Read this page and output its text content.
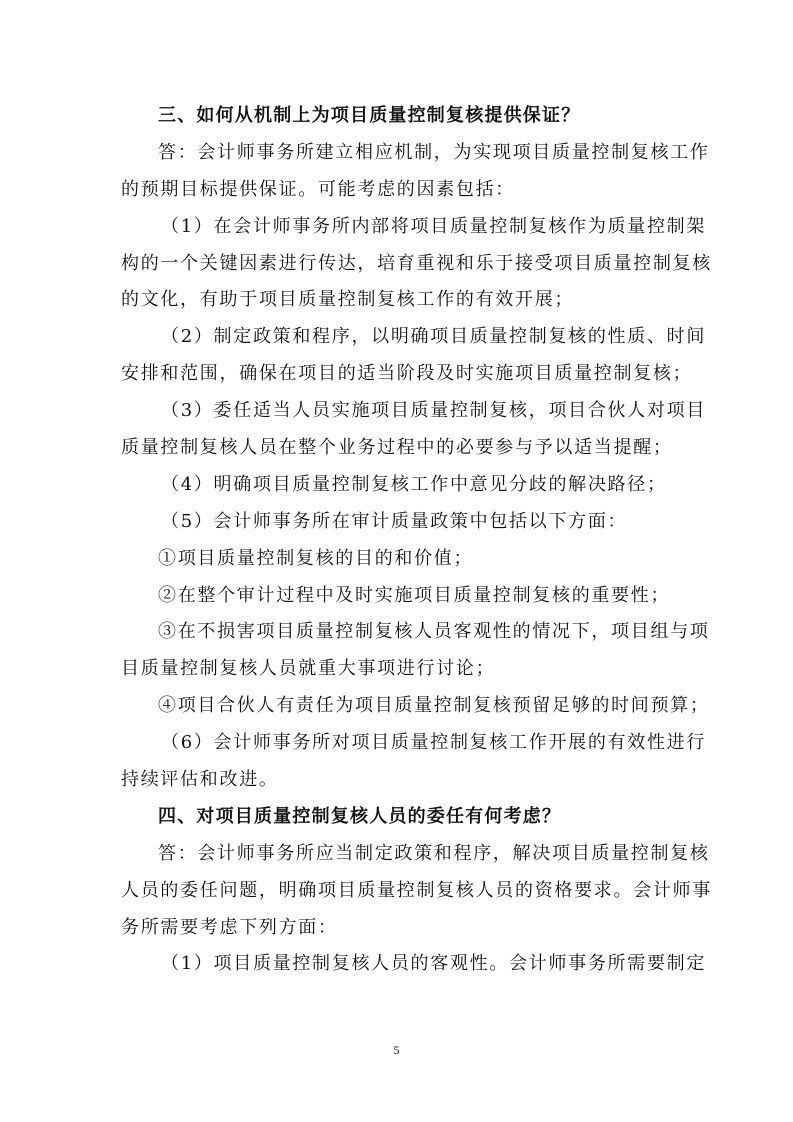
三、如何从机制上为项目质量控制复核提供保证？
答：会计师事务所建立相应机制，为实现项目质量控制复核工作
的预期目标提供保证。可能考虑的因素包括：
（1）在会计师事务所内部将项目质量控制复核作为质量控制架
构的一个关键因素进行传达，培育重视和乐于接受项目质量控制复核
的文化，有助于项目质量控制复核工作的有效开展；
（2）制定政策和程序，以明确项目质量控制复核的性质、时间
安排和范围，确保在项目的适当阶段及时实施项目质量控制复核；
（3）委任适当人员实施项目质量控制复核，项目合伙人对项目
质量控制复核人员在整个业务过程中的必要参与予以适当提醒；
（4）明确项目质量控制复核工作中意见分歧的解决路径；
（5）会计师事务所在审计质量政策中包括以下方面：
①项目质量控制复核的目的和价值；
②在整个审计过程中及时实施项目质量控制复核的重要性；
③在不损害项目质量控制复核人员客观性的情况下，项目组与项
目质量控制复核人员就重大事项进行讨论；
④项目合伙人有责任为项目质量控制复核预留足够的时间预算；
（6）会计师事务所对项目质量控制复核工作开展的有效性进行
持续评估和改进。
四、对项目质量控制复核人员的委任有何考虑？
答：会计师事务所应当制定政策和程序，解决项目质量控制复核
人员的委任问题，明确项目质量控制复核人员的资格要求。会计师事
务所需要考虑下列方面：
（1）项目质量控制复核人员的客观性。会计师事务所需要制定
5
